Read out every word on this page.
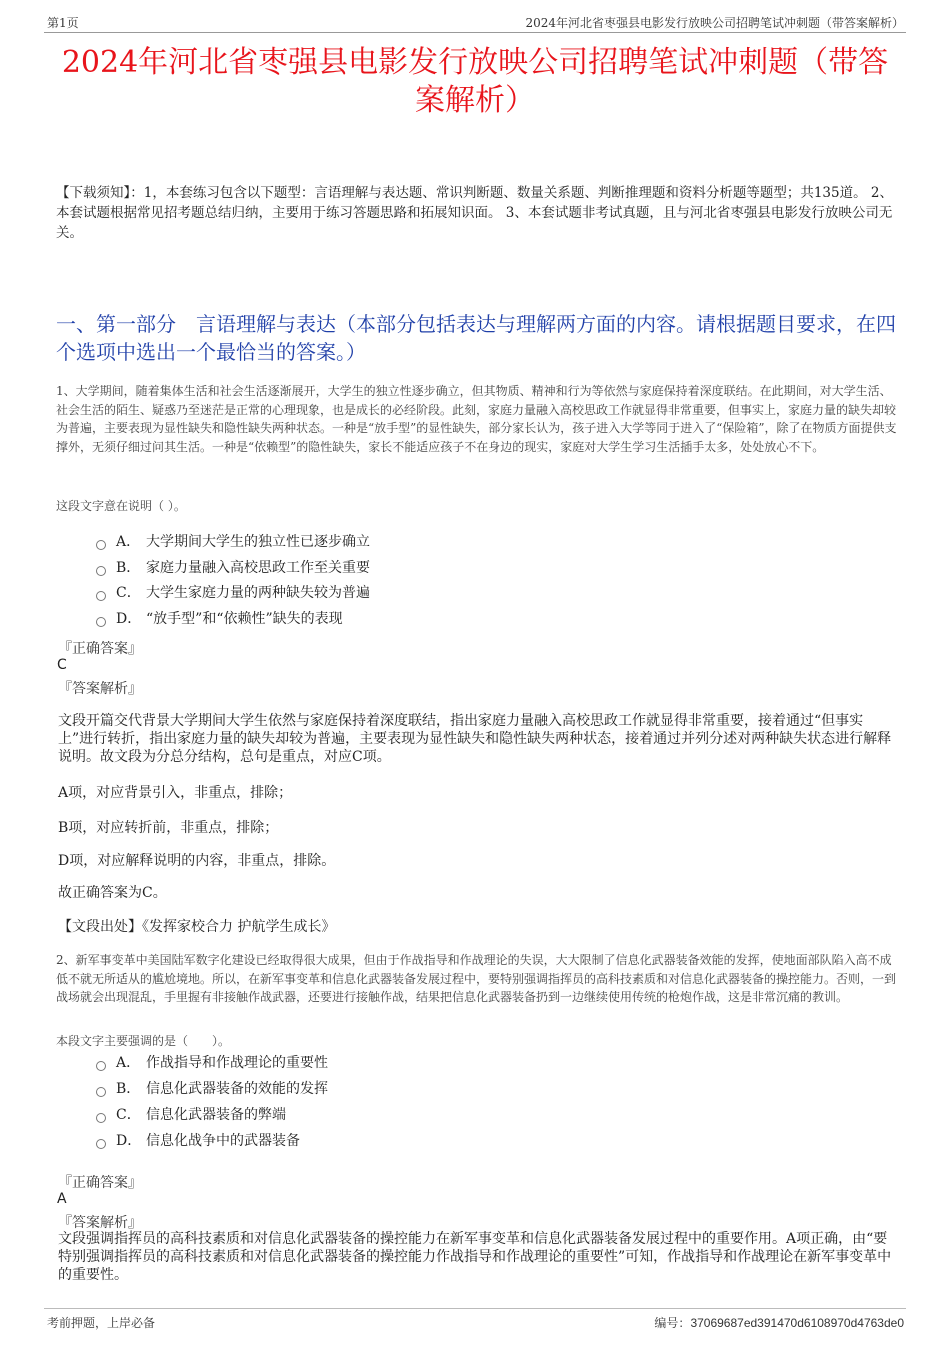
第1页	2024年河北省枣强县电影发行放映公司招聘笔试冲刺题（带答案解析）
2024年河北省枣强县电影发行放映公司招聘笔试冲刺题（带答案解析）

【下载须知】：1，本套练习包含以下题型：言语理解与表达题、常识判断题、数量关系题、判断推理题和资料分析题等题型；共135道。 2、本套试题根据常见招考题总结归纳，主要用于练习答题思路和拓展知识面。 3、本套试题非考试真题，且与河北省枣强县电影发行放映公司无关。

一、第一部分　言语理解与表达（本部分包括表达与理解两方面的内容。请根据题目要求，在四个选项中选出一个最恰当的答案。）

1、大学期间，随着集体生活和社会生活逐渐展开，大学生的独立性逐步确立，但其物质、精神和行为等依然与家庭保持着深度联结。在此期间，对大学生活、社会生活的陌生、疑惑乃至迷茫是正常的心理现象，也是成长的必经阶段。此刻，家庭力量融入高校思政工作就显得非常重要，但事实上，家庭力量的缺失却较为普遍，主要表现为显性缺失和隐性缺失两种状态。一种是“放手型”的显性缺失，部分家长认为，孩子进入大学等同于进入了“保险箱”，除了在物质方面提供支撑外，无须仔细过问其生活。一种是“依赖型”的隐性缺失，家长不能适应孩子不在身边的现实，家庭对大学生学习生活插手太多，处处放心不下。

这段文字意在说明（ ）。

A． 大学期间大学生的独立性已逐步确立
B． 家庭力量融入高校思政工作至关重要
C． 大学生家庭力量的两种缺失较为普遍
D． “放手型”和“依赖性”缺失的表现
『正确答案』
C
『答案解析』

文段开篇交代背景大学期间大学生依然与家庭保持着深度联结，指出家庭力量融入高校思政工作就显得非常重要，接着通过“但事实上”进行转折，指出家庭力量的缺失却较为普遍，主要表现为显性缺失和隐性缺失两种状态，接着通过并列分述对两种缺失状态进行解释说明。故文段为分总分结构，总句是重点，对应C项。

A项，对应背景引入，非重点，排除；

B项，对应转折前，非重点，排除；

D项，对应解释说明的内容，非重点，排除。

故正确答案为C。

【文段出处】《发挥家校合力 护航学生成长》

2、新军事变革中美国陆军数字化建设已经取得很大成果，但由于作战指导和作战理论的失误，大大限制了信息化武器装备效能的发挥，使地面部队陷入高不成低不就无所适从的尴尬境地。所以，在新军事变革和信息化武器装备发展过程中，要特别强调指挥员的高科技素质和对信息化武器装备的操控能力。否则，一到战场就会出现混乱，手里握有非接触作战武器，还要进行接触作战，结果把信息化武器装备扔到一边继续使用传统的枪炮作战，这是非常沉痛的教训。

本段文字主要强调的是（　　）。

A． 作战指导和作战理论的重要性
B． 信息化武器装备的效能的发挥
C． 信息化武器装备的弊端
D． 信息化战争中的武器装备
『正确答案』
A
『答案解析』

文段强调指挥员的高科技素质和对信息化武器装备的操控能力在新军事变革和信息化武器装备发展过程中的重要作用。A项正确，由“要特别强调指挥员的高科技素质和对信息化武器装备的操控能力作战指导和作战理论的重要性”可知，作战指导和作战理论在新军事变革中的重要性。

考前押题，上岸必备	编号：37069687ed391470d6108970d4763de0
